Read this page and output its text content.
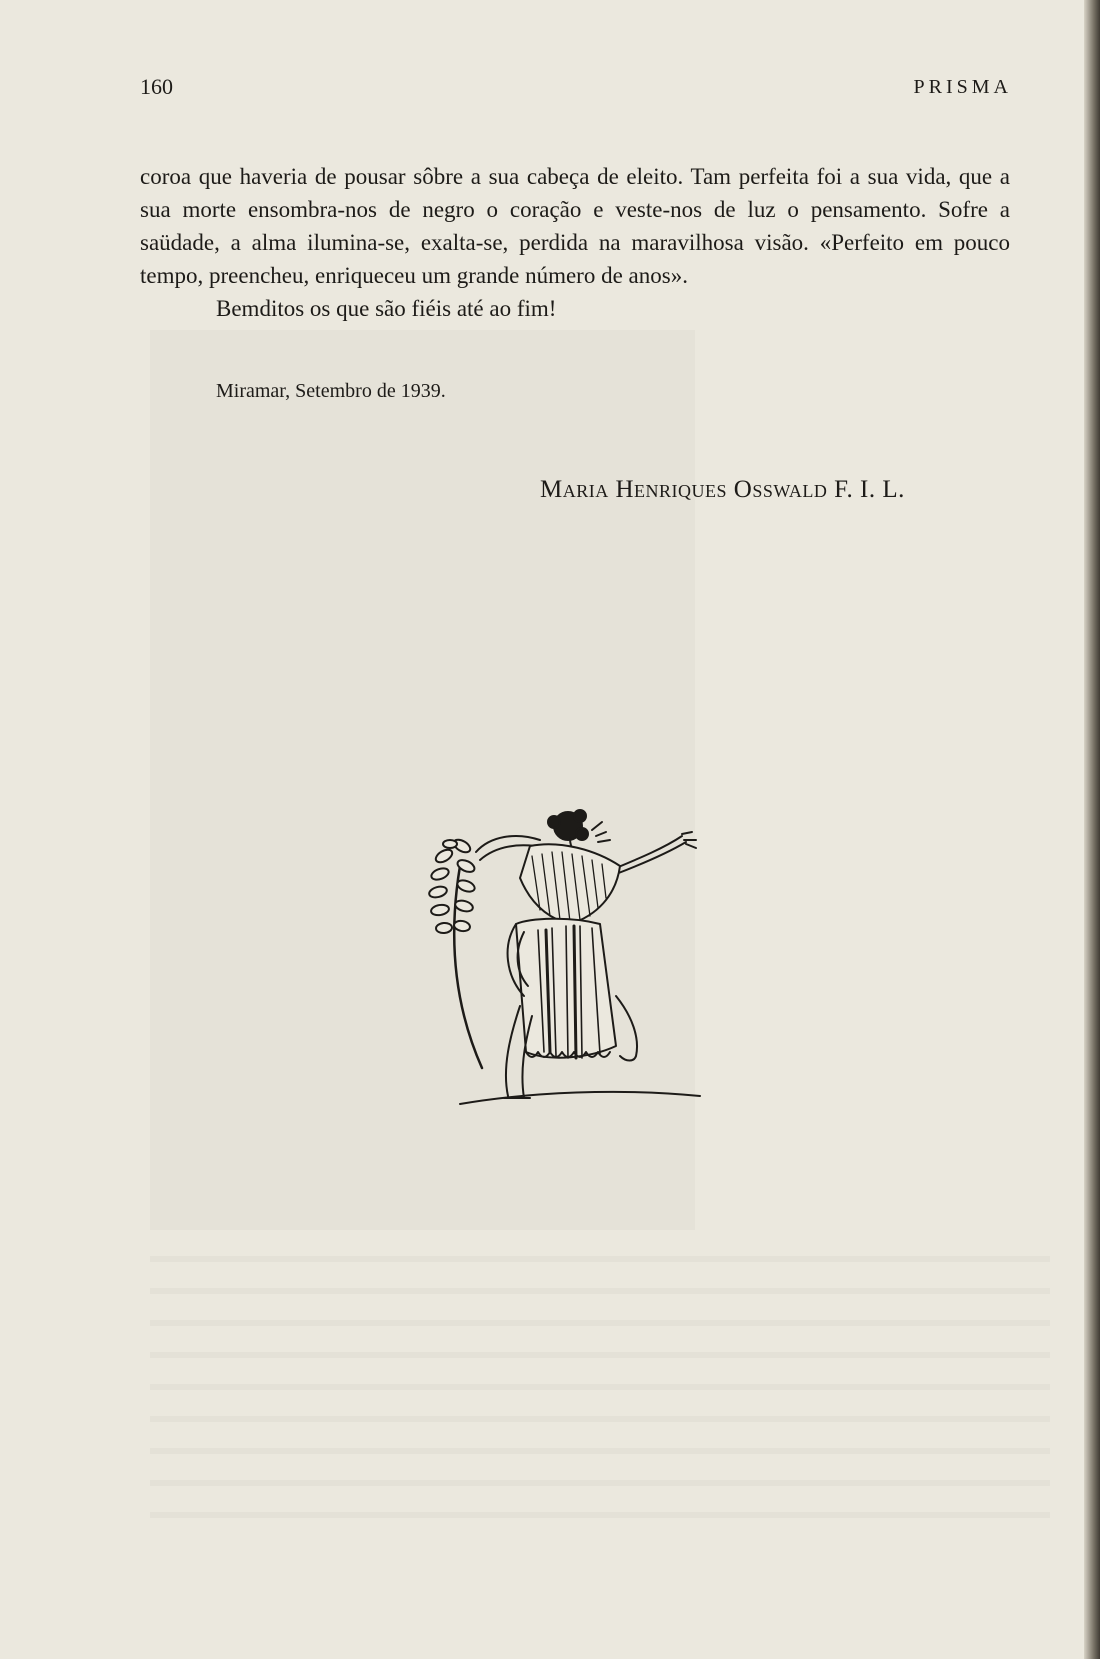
160	PRISMA

coroa que haveria de pousar sôbre a sua cabeça de eleito. Tam perfeita foi a sua vida, que a sua morte ensombra-nos de negro o coração e veste-nos de luz o pensamento. Sofre a saüdade, a alma ilumina-se, exalta-se, perdida na maravilhosa visão. «Perfeito em pouco tempo, preencheu, enriqueceu um grande número de anos».

Bemditos os que são fiéis até ao fim!

Miramar, Setembro de 1939.
Maria Henriques Osswald F. I. L.
